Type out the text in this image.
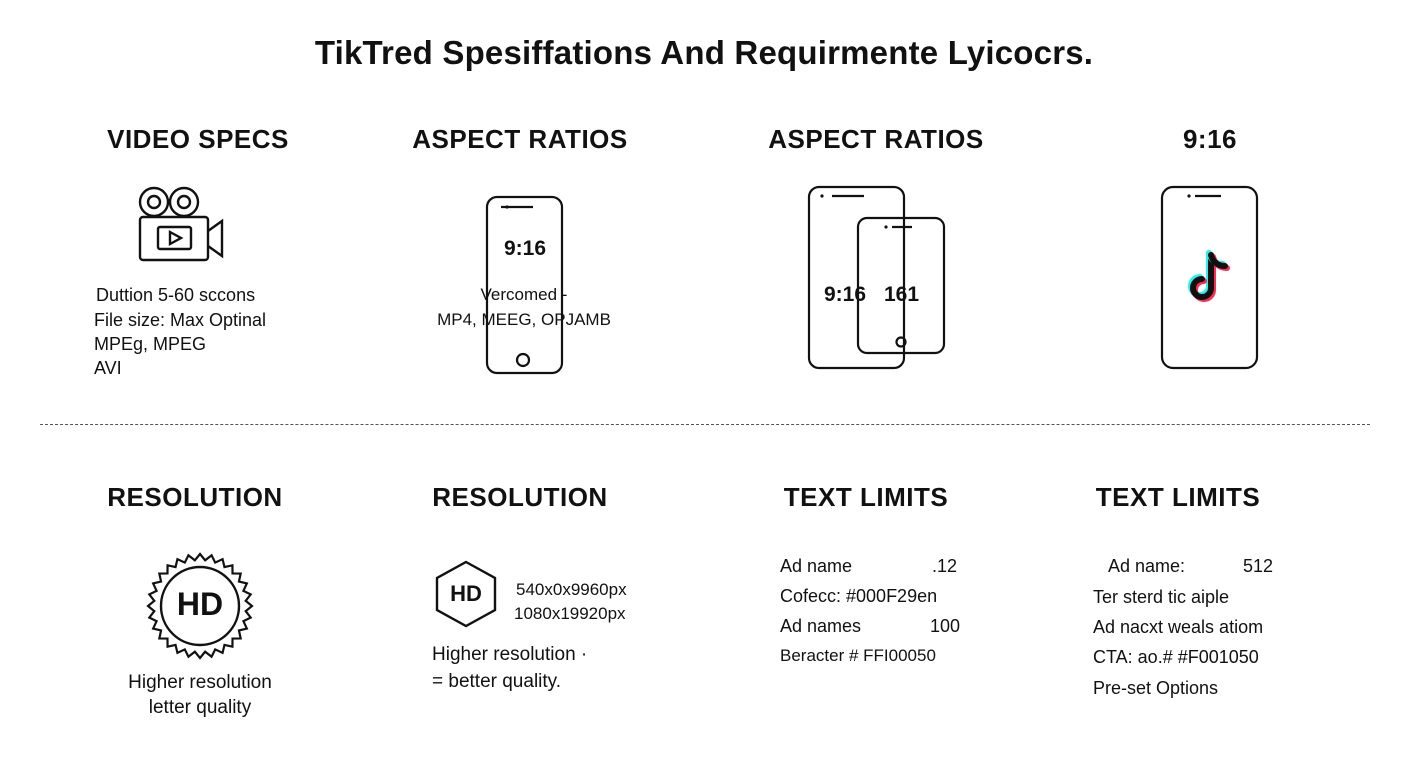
TikTred Spesiffations And Requirmente Lyicocrs.
VIDEO SPECS
Duttion 5-60 sccons
File size: Max Optinal
MPEg, MPEG
AVI
ASPECT RATIOS
9:16
Vercomed -
MP4, MEEG, OPJAMB
ASPECT RATIOS
9:16 161
9:16
RESOLUTION
HD
Higher resolution
letter quality
RESOLUTION
HD	540x0x9960px
1080x19920px
Higher resolution ·
= better quality.
TEXT LIMITS
Ad name	.12
Cofecc: #000F29en
Ad names	100
Beracter # FFI00050
TEXT LIMITS
Ad name:	512
Ter sterd tic aiple
Ad nacxt weals atiom
CTA: ao.# #F001050
Pre-set Options
